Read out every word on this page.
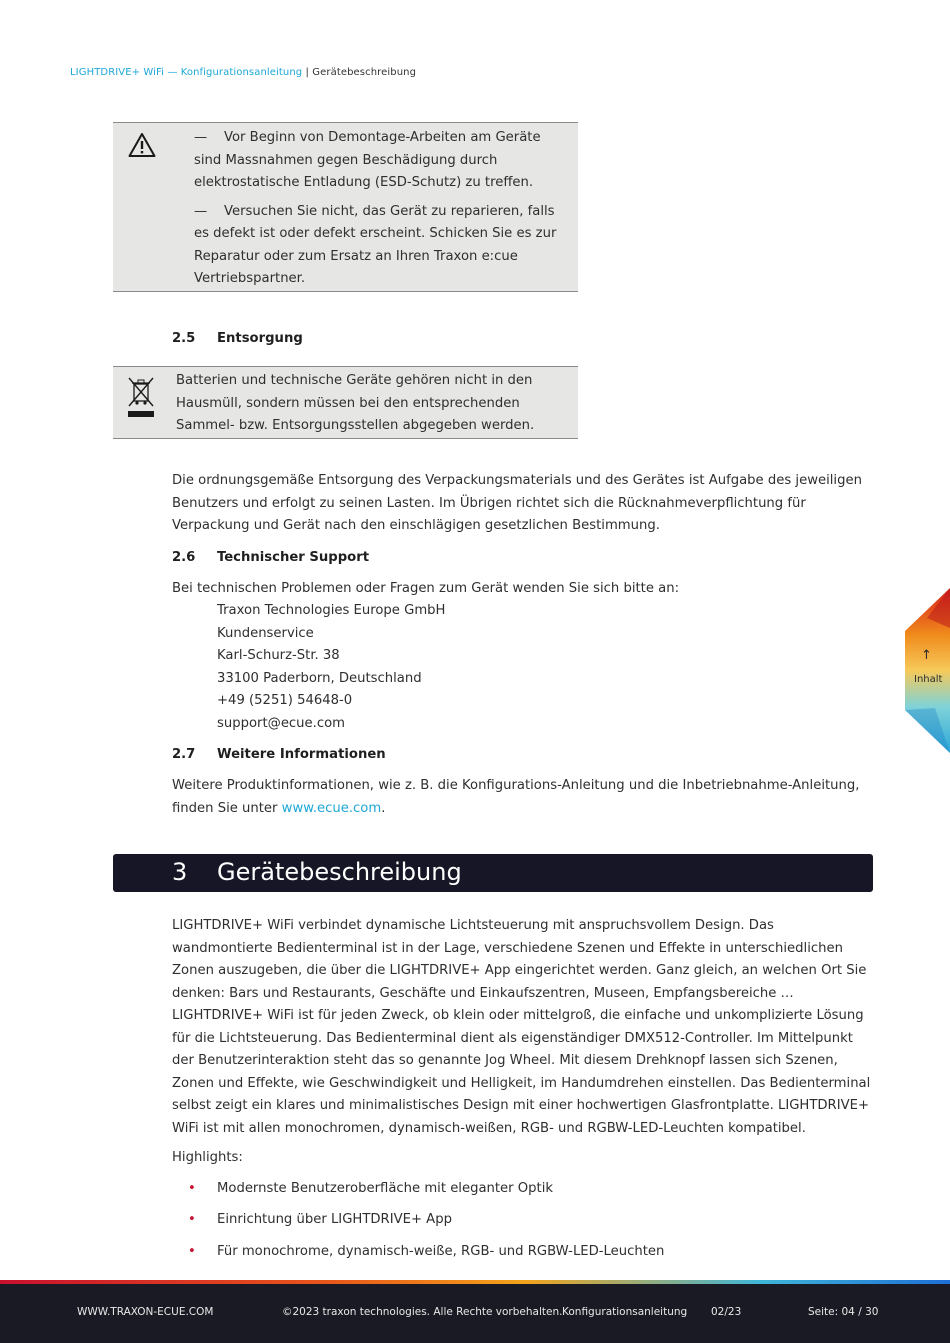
LIGHTDRIVE+ WiFi — Konfigurationsanleitung | Gerätebeschreibung

— Vor Beginn von Demontage-Arbeiten am Geräte sind Massnahmen gegen Beschädigung durch elektrostatische Entladung (ESD-Schutz) zu treffen.

— Versuchen Sie nicht, das Gerät zu reparieren, falls es defekt ist oder defekt erscheint. Schicken Sie es zur Reparatur oder zum Ersatz an Ihren Traxon e:cue Vertriebspartner.

2.5 Entsorgung

Batterien und technische Geräte gehören nicht in den Hausmüll, sondern müssen bei den entsprechenden Sammel- bzw. Entsorgungsstellen abgegeben werden.

Die ordnungsgemäße Entsorgung des Verpackungsmaterials und des Gerätes ist Aufgabe des jeweiligen Benutzers und erfolgt zu seinen Lasten. Im Übrigen richtet sich die Rücknahmeverpflichtung für Verpackung und Gerät nach den einschlägigen gesetzlichen Bestimmung.

2.6 Technischer Support

Bei technischen Problemen oder Fragen zum Gerät wenden Sie sich bitte an:

Traxon Technologies Europe GmbH

Kundenservice

Karl-Schurz-Str. 38

33100 Paderborn, Deutschland

+49 (5251) 54648-0

support@ecue.com

2.7 Weitere Informationen

Weitere Produktinformationen, wie z. B. die Konfigurations-Anleitung und die Inbetriebnahme-Anleitung, finden Sie unter www.ecue.com.

3 Gerätebeschreibung

LIGHTDRIVE+ WiFi verbindet dynamische Lichtsteuerung mit anspruchsvollem Design. Das wandmontierte Bedienterminal ist in der Lage, verschiedene Szenen und Effekte in unterschiedlichen Zonen auszugeben, die über die LIGHTDRIVE+ App eingerichtet werden. Ganz gleich, an welchen Ort Sie denken: Bars und Restaurants, Geschäfte und Einkaufszentren, Museen, Empfangsbereiche … LIGHTDRIVE+ WiFi ist für jeden Zweck, ob klein oder mittelgroß, die einfache und unkomplizierte Lösung für die Lichtsteuerung. Das Bedienterminal dient als eigenständiger DMX512-Controller. Im Mittelpunkt der Benutzerinteraktion steht das so genannte Jog Wheel. Mit diesem Drehknopf lassen sich Szenen, Zonen und Effekte, wie Geschwindigkeit und Helligkeit, im Handumdrehen einstellen. Das Bedienterminal selbst zeigt ein klares und minimalistisches Design mit einer hochwertigen Glasfrontplatte. LIGHTDRIVE+ WiFi ist mit allen monochromen, dynamisch-weißen, RGB- und RGBW-LED-Leuchten kompatibel.

Highlights:

• Modernste Benutzeroberfläche mit eleganter Optik
• Einrichtung über LIGHTDRIVE+ App
• Für monochrome, dynamisch-weiße, RGB- und RGBW-LED-Leuchten
↑
Inhalt
WWW.TRAXON-ECUE.COM	©2023 traxon technologies. Alle Rechte vorbehalten. Konfigurationsanleitung 02/23	Seite: 04 / 30
